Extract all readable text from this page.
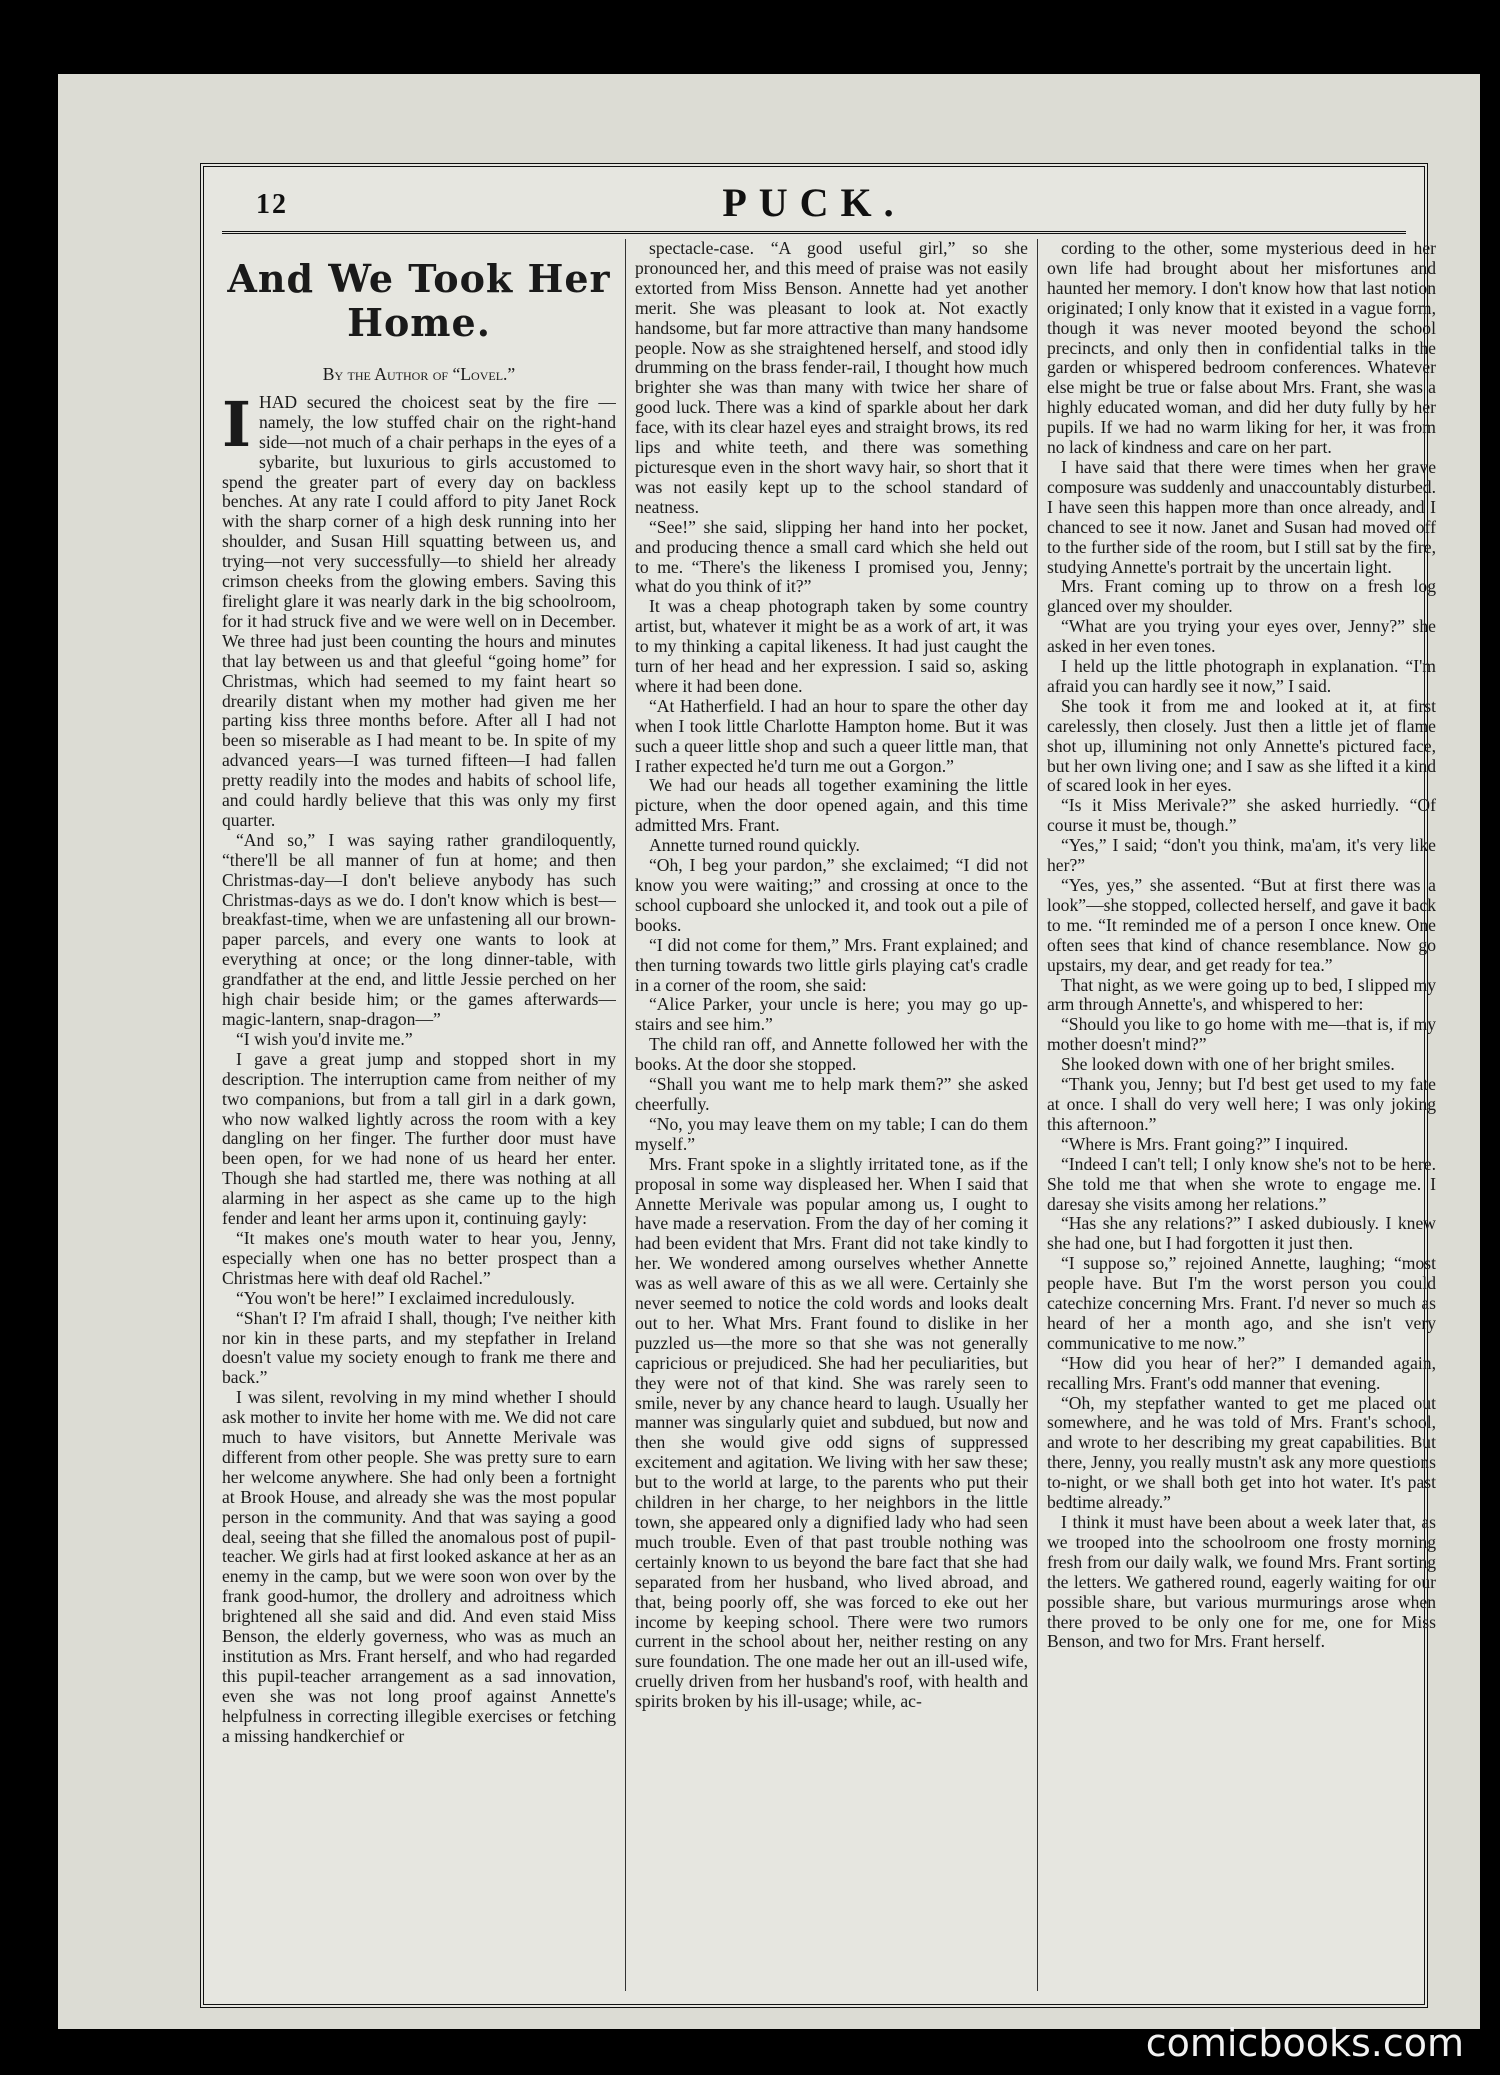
12	PUCK.
And We Took Her Home.

By the Author of “Lovel.”

IHAD secured the choicest seat by the fire —namely, the low stuffed chair on the right-hand side—not much of a chair perhaps in the eyes of a sybarite, but luxurious to girls accustomed to spend the greater part of every day on backless benches. At any rate I could afford to pity Janet Rock with the sharp corner of a high desk running into her shoulder, and Susan Hill squatting between us, and trying—not very successfully—to shield her already crimson cheeks from the glowing embers. Saving this firelight glare it was nearly dark in the big schoolroom, for it had struck five and we were well on in December. We three had just been counting the hours and minutes that lay between us and that gleeful “going home” for Christmas, which had seemed to my faint heart so drearily distant when my mother had given me her parting kiss three months before. After all I had not been so miserable as I had meant to be. In spite of my advanced years—I was turned fifteen—I had fallen pretty readily into the modes and habits of school life, and could hardly believe that this was only my first quarter.

“And so,” I was saying rather grandiloquently, “there'll be all manner of fun at home; and then Christmas-day—I don't believe anybody has such Christmas-days as we do. I don't know which is best—breakfast-time, when we are unfastening all our brown-paper parcels, and every one wants to look at everything at once; or the long dinner-table, with grandfather at the end, and little Jessie perched on her high chair beside him; or the games afterwards—magic-lantern, snap-dragon—”

“I wish you'd invite me.”

I gave a great jump and stopped short in my description. The interruption came from neither of my two companions, but from a tall girl in a dark gown, who now walked lightly across the room with a key dangling on her finger. The further door must have been open, for we had none of us heard her enter. Though she had startled me, there was nothing at all alarming in her aspect as she came up to the high fender and leant her arms upon it, continuing gayly:

“It makes one's mouth water to hear you, Jenny, especially when one has no better prospect than a Christmas here with deaf old Rachel.”

“You won't be here!” I exclaimed incredulously.

“Shan't I? I'm afraid I shall, though; I've neither kith nor kin in these parts, and my stepfather in Ireland doesn't value my society enough to frank me there and back.”

I was silent, revolving in my mind whether I should ask mother to invite her home with me. We did not care much to have visitors, but Annette Merivale was different from other people. She was pretty sure to earn her welcome anywhere. She had only been a fortnight at Brook House, and already she was the most popular person in the community. And that was saying a good deal, seeing that she filled the anomalous post of pupil-teacher. We girls had at first looked askance at her as an enemy in the camp, but we were soon won over by the frank good-humor, the drollery and adroitness which brightened all she said and did. And even staid Miss Benson, the elderly governess, who was as much an institution as Mrs. Frant herself, and who had regarded this pupil-teacher arrangement as a sad innovation, even she was not long proof against Annette's helpfulness in correcting illegible exercises or fetching a missing handkerchief or

spectacle-case. “A good useful girl,” so she pronounced her, and this meed of praise was not easily extorted from Miss Benson. Annette had yet another merit. She was pleasant to look at. Not exactly handsome, but far more attractive than many handsome people. Now as she straightened herself, and stood idly drumming on the brass fender-rail, I thought how much brighter she was than many with twice her share of good luck. There was a kind of sparkle about her dark face, with its clear hazel eyes and straight brows, its red lips and white teeth, and there was something picturesque even in the short wavy hair, so short that it was not easily kept up to the school standard of neatness.

“See!” she said, slipping her hand into her pocket, and producing thence a small card which she held out to me. “There's the likeness I promised you, Jenny; what do you think of it?”

It was a cheap photograph taken by some country artist, but, whatever it might be as a work of art, it was to my thinking a capital likeness. It had just caught the turn of her head and her expression. I said so, asking where it had been done.

“At Hatherfield. I had an hour to spare the other day when I took little Charlotte Hampton home. But it was such a queer little shop and such a queer little man, that I rather expected he'd turn me out a Gorgon.”

We had our heads all together examining the little picture, when the door opened again, and this time admitted Mrs. Frant.

Annette turned round quickly.

“Oh, I beg your pardon,” she exclaimed; “I did not know you were waiting;” and crossing at once to the school cupboard she unlocked it, and took out a pile of books.

“I did not come for them,” Mrs. Frant explained; and then turning towards two little girls playing cat's cradle in a corner of the room, she said:

“Alice Parker, your uncle is here; you may go up-stairs and see him.”

The child ran off, and Annette followed her with the books. At the door she stopped.

“Shall you want me to help mark them?” she asked cheerfully.

“No, you may leave them on my table; I can do them myself.”

Mrs. Frant spoke in a slightly irritated tone, as if the proposal in some way displeased her. When I said that Annette Merivale was popular among us, I ought to have made a reservation. From the day of her coming it had been evident that Mrs. Frant did not take kindly to her. We wondered among ourselves whether Annette was as well aware of this as we all were. Certainly she never seemed to notice the cold words and looks dealt out to her. What Mrs. Frant found to dislike in her puzzled us—the more so that she was not generally capricious or prejudiced. She had her peculiarities, but they were not of that kind. She was rarely seen to smile, never by any chance heard to laugh. Usually her manner was singularly quiet and subdued, but now and then she would give odd signs of suppressed excitement and agitation. We living with her saw these; but to the world at large, to the parents who put their children in her charge, to her neighbors in the little town, she appeared only a dignified lady who had seen much trouble. Even of that past trouble nothing was certainly known to us beyond the bare fact that she had separated from her husband, who lived abroad, and that, being poorly off, she was forced to eke out her income by keeping school. There were two rumors current in the school about her, neither resting on any sure foundation. The one made her out an ill-used wife, cruelly driven from her husband's roof, with health and spirits broken by his ill-usage; while, ac-

cording to the other, some mysterious deed in her own life had brought about her misfortunes and haunted her memory. I don't know how that last notion originated; I only know that it existed in a vague form, though it was never mooted beyond the school precincts, and only then in confidential talks in the garden or whispered bedroom conferences. Whatever else might be true or false about Mrs. Frant, she was a highly educated woman, and did her duty fully by her pupils. If we had no warm liking for her, it was from no lack of kindness and care on her part.

I have said that there were times when her grave composure was suddenly and unaccountably disturbed. I have seen this happen more than once already, and I chanced to see it now. Janet and Susan had moved off to the further side of the room, but I still sat by the fire, studying Annette's portrait by the uncertain light.

Mrs. Frant coming up to throw on a fresh log glanced over my shoulder.

“What are you trying your eyes over, Jenny?” she asked in her even tones.

I held up the little photograph in explanation. “I'm afraid you can hardly see it now,” I said.

She took it from me and looked at it, at first carelessly, then closely. Just then a little jet of flame shot up, illumining not only Annette's pictured face, but her own living one; and I saw as she lifted it a kind of scared look in her eyes.

“Is it Miss Merivale?” she asked hurriedly. “Of course it must be, though.”

“Yes,” I said; “don't you think, ma'am, it's very like her?”

“Yes, yes,” she assented. “But at first there was a look”—she stopped, collected herself, and gave it back to me. “It reminded me of a person I once knew. One often sees that kind of chance resemblance. Now go upstairs, my dear, and get ready for tea.”

That night, as we were going up to bed, I slipped my arm through Annette's, and whispered to her:

“Should you like to go home with me—that is, if my mother doesn't mind?”

She looked down with one of her bright smiles.

“Thank you, Jenny; but I'd best get used to my fate at once. I shall do very well here; I was only joking this afternoon.”

“Where is Mrs. Frant going?” I inquired.

“Indeed I can't tell; I only know she's not to be here. She told me that when she wrote to engage me. I daresay she visits among her relations.”

“Has she any relations?” I asked dubiously. I knew she had one, but I had forgotten it just then.

“I suppose so,” rejoined Annette, laughing; “most people have. But I'm the worst person you could catechize concerning Mrs. Frant. I'd never so much as heard of her a month ago, and she isn't very communicative to me now.”

“How did you hear of her?” I demanded again, recalling Mrs. Frant's odd manner that evening.

“Oh, my stepfather wanted to get me placed out somewhere, and he was told of Mrs. Frant's school, and wrote to her describing my great capabilities. But there, Jenny, you really mustn't ask any more questions to-night, or we shall both get into hot water. It's past bedtime already.”

I think it must have been about a week later that, as we trooped into the schoolroom one frosty morning fresh from our daily walk, we found Mrs. Frant sorting the letters. We gathered round, eagerly waiting for our possible share, but various murmurings arose when there proved to be only one for me, one for Miss Benson, and two for Mrs. Frant herself.

comicbooks.com
